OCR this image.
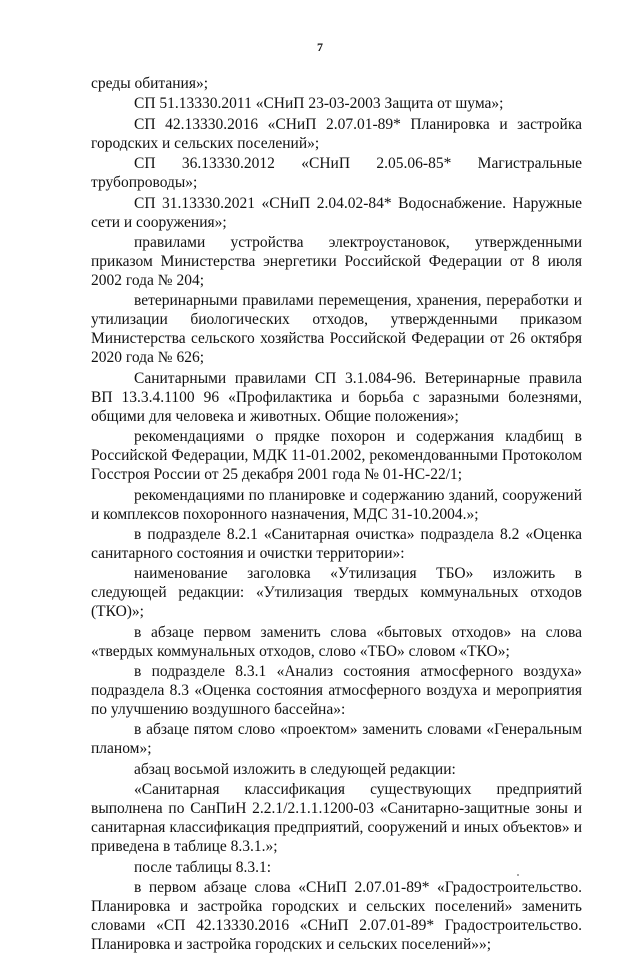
7
среды обитания»;
СП 51.13330.2011 «СНиП 23-03-2003 Защита от шума»;
СП 42.13330.2016 «СНиП 2.07.01-89* Планировка и застройка городских и сельских поселений»;
СП 36.13330.2012 «СНиП 2.05.06-85* Магистральные трубопроводы»;
СП 31.13330.2021 «СНиП 2.04.02-84* Водоснабжение. Наружные сети и сооружения»;
правилами устройства электроустановок, утвержденными приказом Министерства энергетики Российской Федерации от 8 июля 2002 года № 204;
ветеринарными правилами перемещения, хранения, переработки и утилизации биологических отходов, утвержденными приказом Министерства сельского хозяйства Российской Федерации от 26 октября 2020 года № 626;
Санитарными правилами СП 3.1.084-96. Ветеринарные правила ВП 13.3.4.1100 96 «Профилактика и борьба с заразными болезнями, общими для человека и животных. Общие положения»;
рекомендациями о прядке похорон и содержания кладбищ в Российской Федерации, МДК 11-01.2002, рекомендованными Протоколом Госстроя России от 25 декабря 2001 года № 01-НС-22/1;
рекомендациями по планировке и содержанию зданий, сооружений и комплексов похоронного назначения, МДС 31-10.2004.»;
в подразделе 8.2.1 «Санитарная очистка» подраздела 8.2 «Оценка санитарного состояния и очистки территории»:
наименование заголовка «Утилизация ТБО» изложить в следующей редакции: «Утилизация твердых коммунальных отходов (ТКО)»;
в абзаце первом заменить слова «бытовых отходов» на слова «твердых коммунальных отходов, слово «ТБО» словом «ТКО»;
в подразделе 8.3.1 «Анализ состояния атмосферного воздуха» подраздела 8.3 «Оценка состояния атмосферного воздуха и мероприятия по улучшению воздушного бассейна»:
в абзаце пятом слово «проектом» заменить словами «Генеральным планом»;
абзац восьмой изложить в следующей редакции:
«Санитарная классификация существующих предприятий выполнена по СанПиН 2.2.1/2.1.1.1200-03 «Санитарно-защитные зоны и санитарная классификация предприятий, сооружений и иных объектов» и приведена в таблице 8.3.1.»;
после таблицы 8.3.1:
в первом абзаце слова «СНиП 2.07.01-89* «Градостроительство. Планировка и застройка городских и сельских поселений» заменить словами «СП 42.13330.2016 «СНиП 2.07.01-89* Градостроительство. Планировка и застройка городских и сельских поселений»»;
